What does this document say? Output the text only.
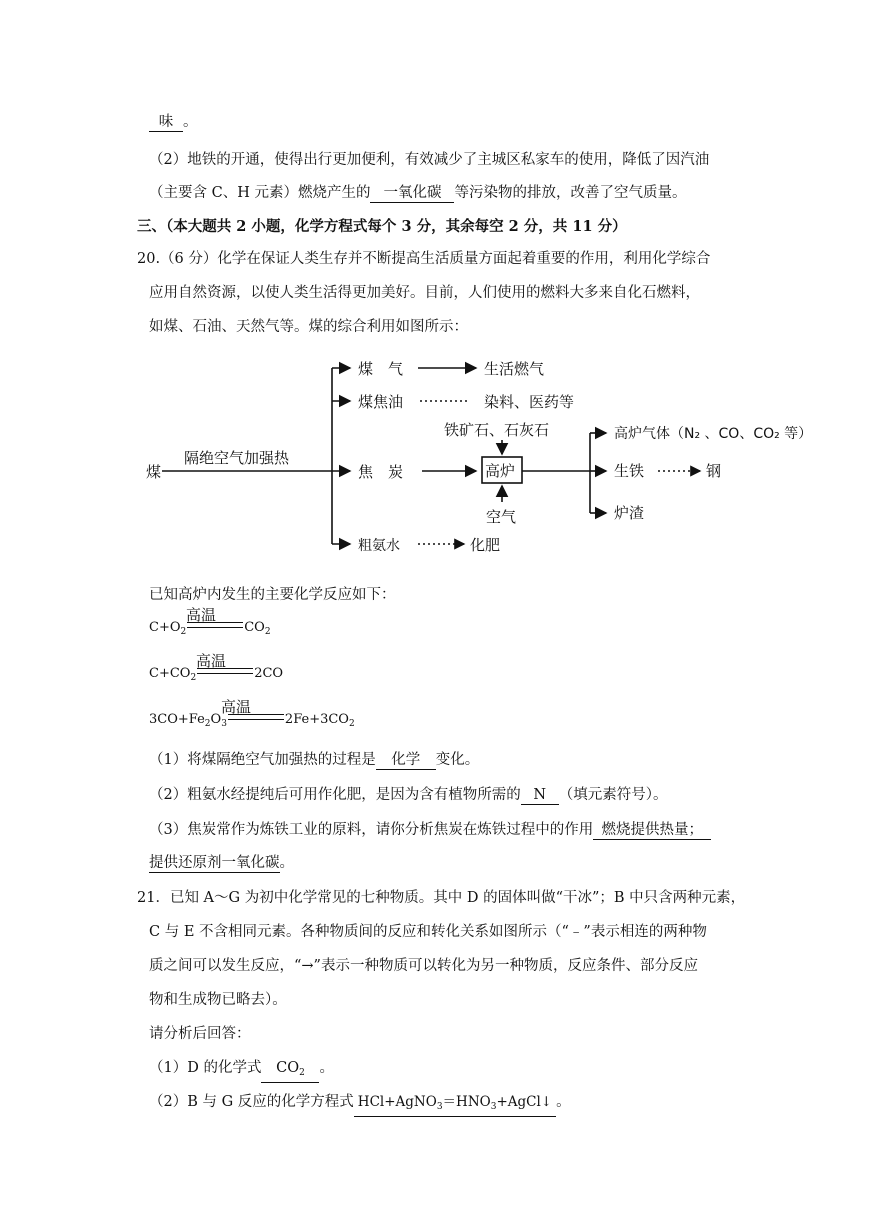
味 。
（2）地铁的开通，使得出行更加便利，有效减少了主城区私家车的使用，降低了因汽油
（主要含 C、H 元素）燃烧产生的 一氧化碳 等污染物的排放，改善了空气质量。
三、（本大题共 2 小题，化学方程式每个 3 分，其余每空 2 分，共 11 分）
20.（6 分）化学在保证人类生存并不断提高生活质量方面起着重要的作用，利用化学综合
应用自然资源，以使人类生活得更加美好。目前，人们使用的燃料大多来自化石燃料，
如煤、石油、天然气等。煤的综合利用如图所示：
煤
隔绝空气加强热
煤　气	生活燃气
煤焦油	染料、医药等
焦　炭	高炉
铁矿石、石灰石
空气
粗氨水	化肥
高炉气体（N₂ 、CO、CO₂ 等）
生铁	钢
炉渣
已知高炉内发生的主要化学反应如下：
高温
$C+O_2$	$CO_2$
高温
$C+CO_2$	2CO
高温
$3CO+Fe_2O_3$	$2Fe+3CO_2$
（1）将煤隔绝空气加强热的过程是 化学 变化。
（2）粗氨水经提纯后可用作化肥，是因为含有植物所需的 N （填元素符号）。
（3）焦炭常作为炼铁工业的原料，请你分析焦炭在炼铁过程中的作用 燃烧提供热量；
提供还原剂一氧化碳。
21．已知 A～G 为初中化学常见的七种物质。其中 D 的固体叫做“干冰”；B 中只含两种元素，
C 与 E 不含相同元素。各种物质间的反应和转化关系如图所示（“﹣”表示相连的两种物
质之间可以发生反应，“→”表示一种物质可以转化为另一种物质，反应条件、部分反应
物和生成物已略去）。
请分析后回答：
（1）D 的化学式 $CO_2$ 。
（2）B 与 G 反应的化学方程式 $HCl+AgNO_3=HNO_3+AgCl↓$ 。
